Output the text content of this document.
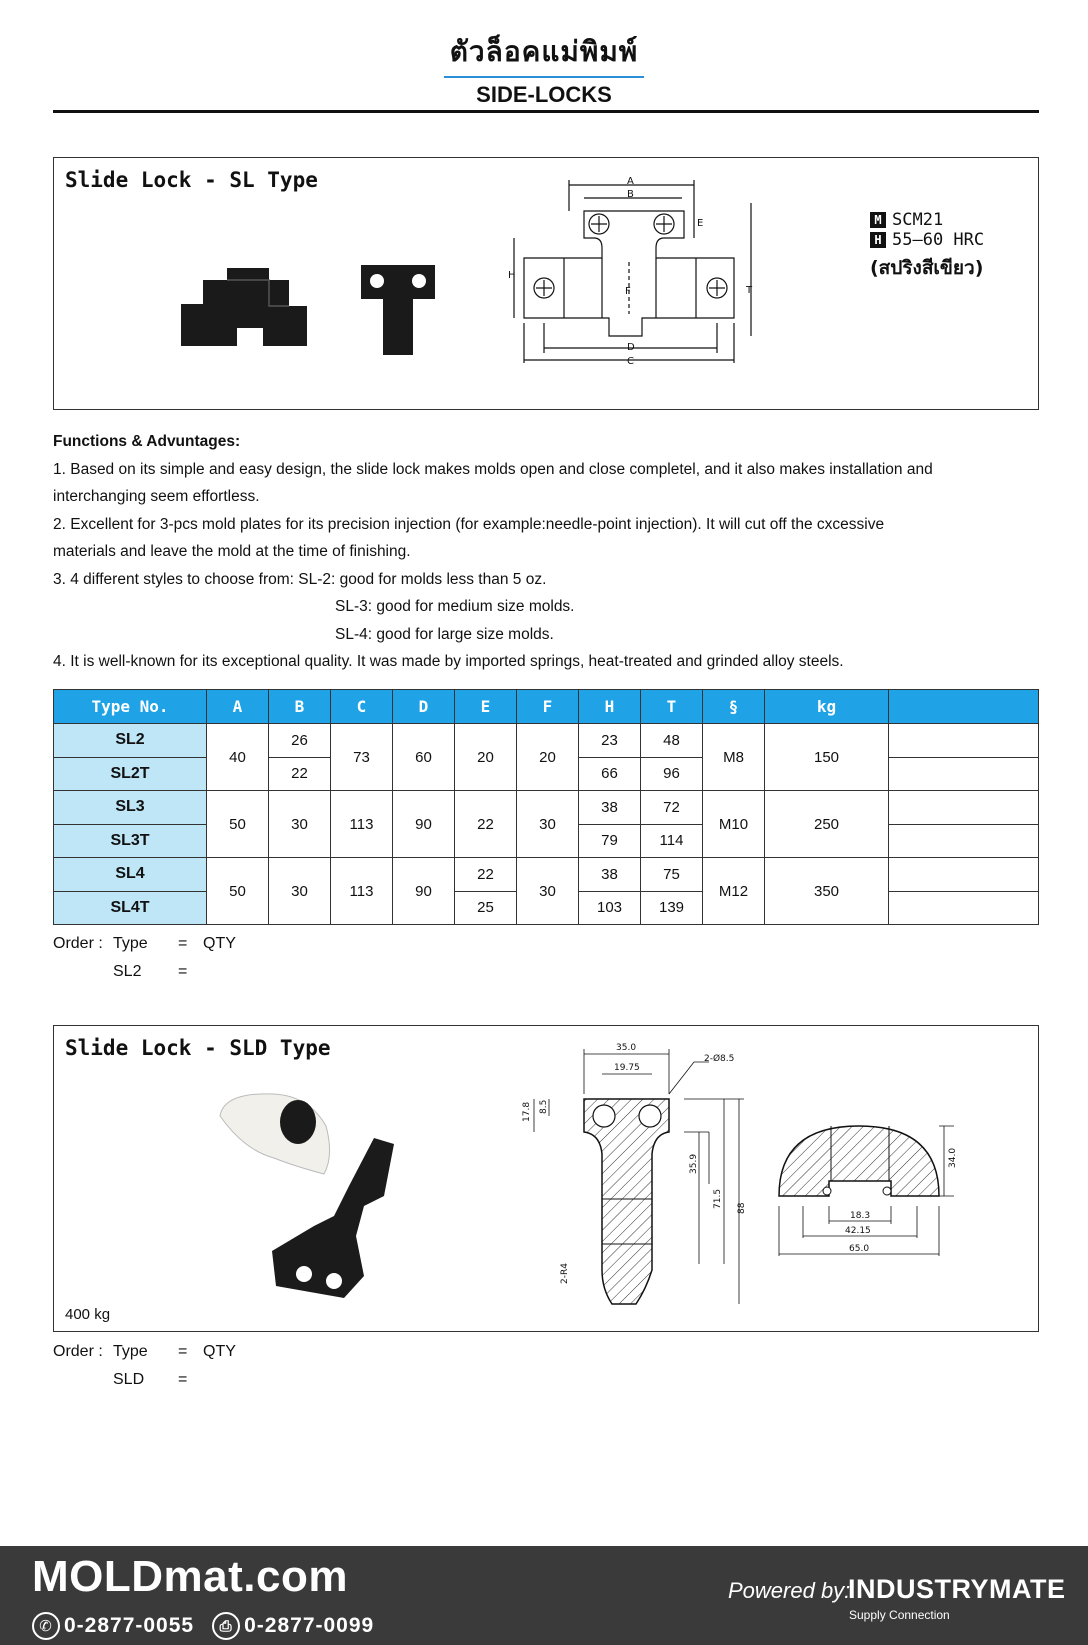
ตัวล็อคแม่พิมพ์
SIDE-LOCKS
Slide Lock - SL Type	A
B
E
F
H
T
D
C
M SCM21
H 55–60 HRC
(สปริงสีเขียว)
Functions & Advuntages:
1. Based on its simple and easy design, the slide lock makes molds open and close completel, and it also makes installation and
interchanging seem effortless.
2. Excellent for 3-pcs mold plates for its precision injection (for example:needle-point injection). It will cut off the cxcessive
materials and leave the mold at the time of finishing.
3. 4 different styles to choose from: SL-2: good for molds less than 5 oz.
SL-3: good for medium size molds.
SL-4: good for large size molds.
4. It is well-known for its exceptional quality. It was made by imported springs, heat-treated and grinded alloy steels.
Type No.	A	B	C	D	E	F	H	T	§	kg	
SL2	40	26	73	60	20	20	23	48	M8	150	
SL2T		22					66	96			
SL3	50	30	113	90	22	30	38	72	M10	250	
SL3T							79	114			
SL4	50	30	113	90	22	30	38	75	M12	350	
SL4T					25		103	139			
Order : Type	= QTY
SL2	=
Slide Lock - SLD Type	35.0
19.75
2-Ø8.5
17.8 8.5
35.9
71.5 88
2-R4
34.0
18.3
42.15
65.0
400 kg
Order : Type	= QTY
SLD	=
MOLDmat.com
✆ 0-2877-0055	⎙ 0-2877-0099
Powered by:
INDUSTRYMATE
Supply Connection
